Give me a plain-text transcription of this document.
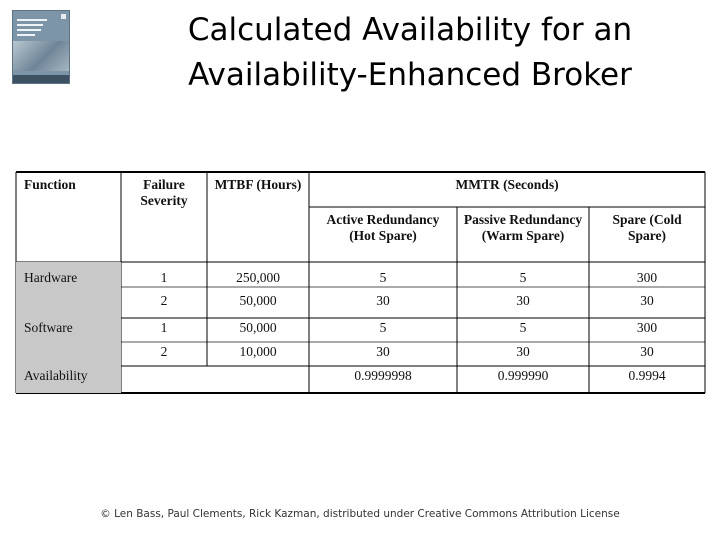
Calculated Availability for an
Availability-Enhanced Broker
Function	Failure Severity	MTBF (Hours)	MMTR (Seconds)		
			Active Redundancy (Hot Spare)	Passive Redundancy (Warm Spare)	Spare (Cold Spare)
Hardware	1	250,000	5	5	300
	2	50,000	30	30	30
Software	1	50,000	5	5	300
	2	10,000	30	30	30
Availability			0.9999998	0.999990	0.9994
© Len Bass, Paul Clements, Rick Kazman, distributed under Creative Commons Attribution License
